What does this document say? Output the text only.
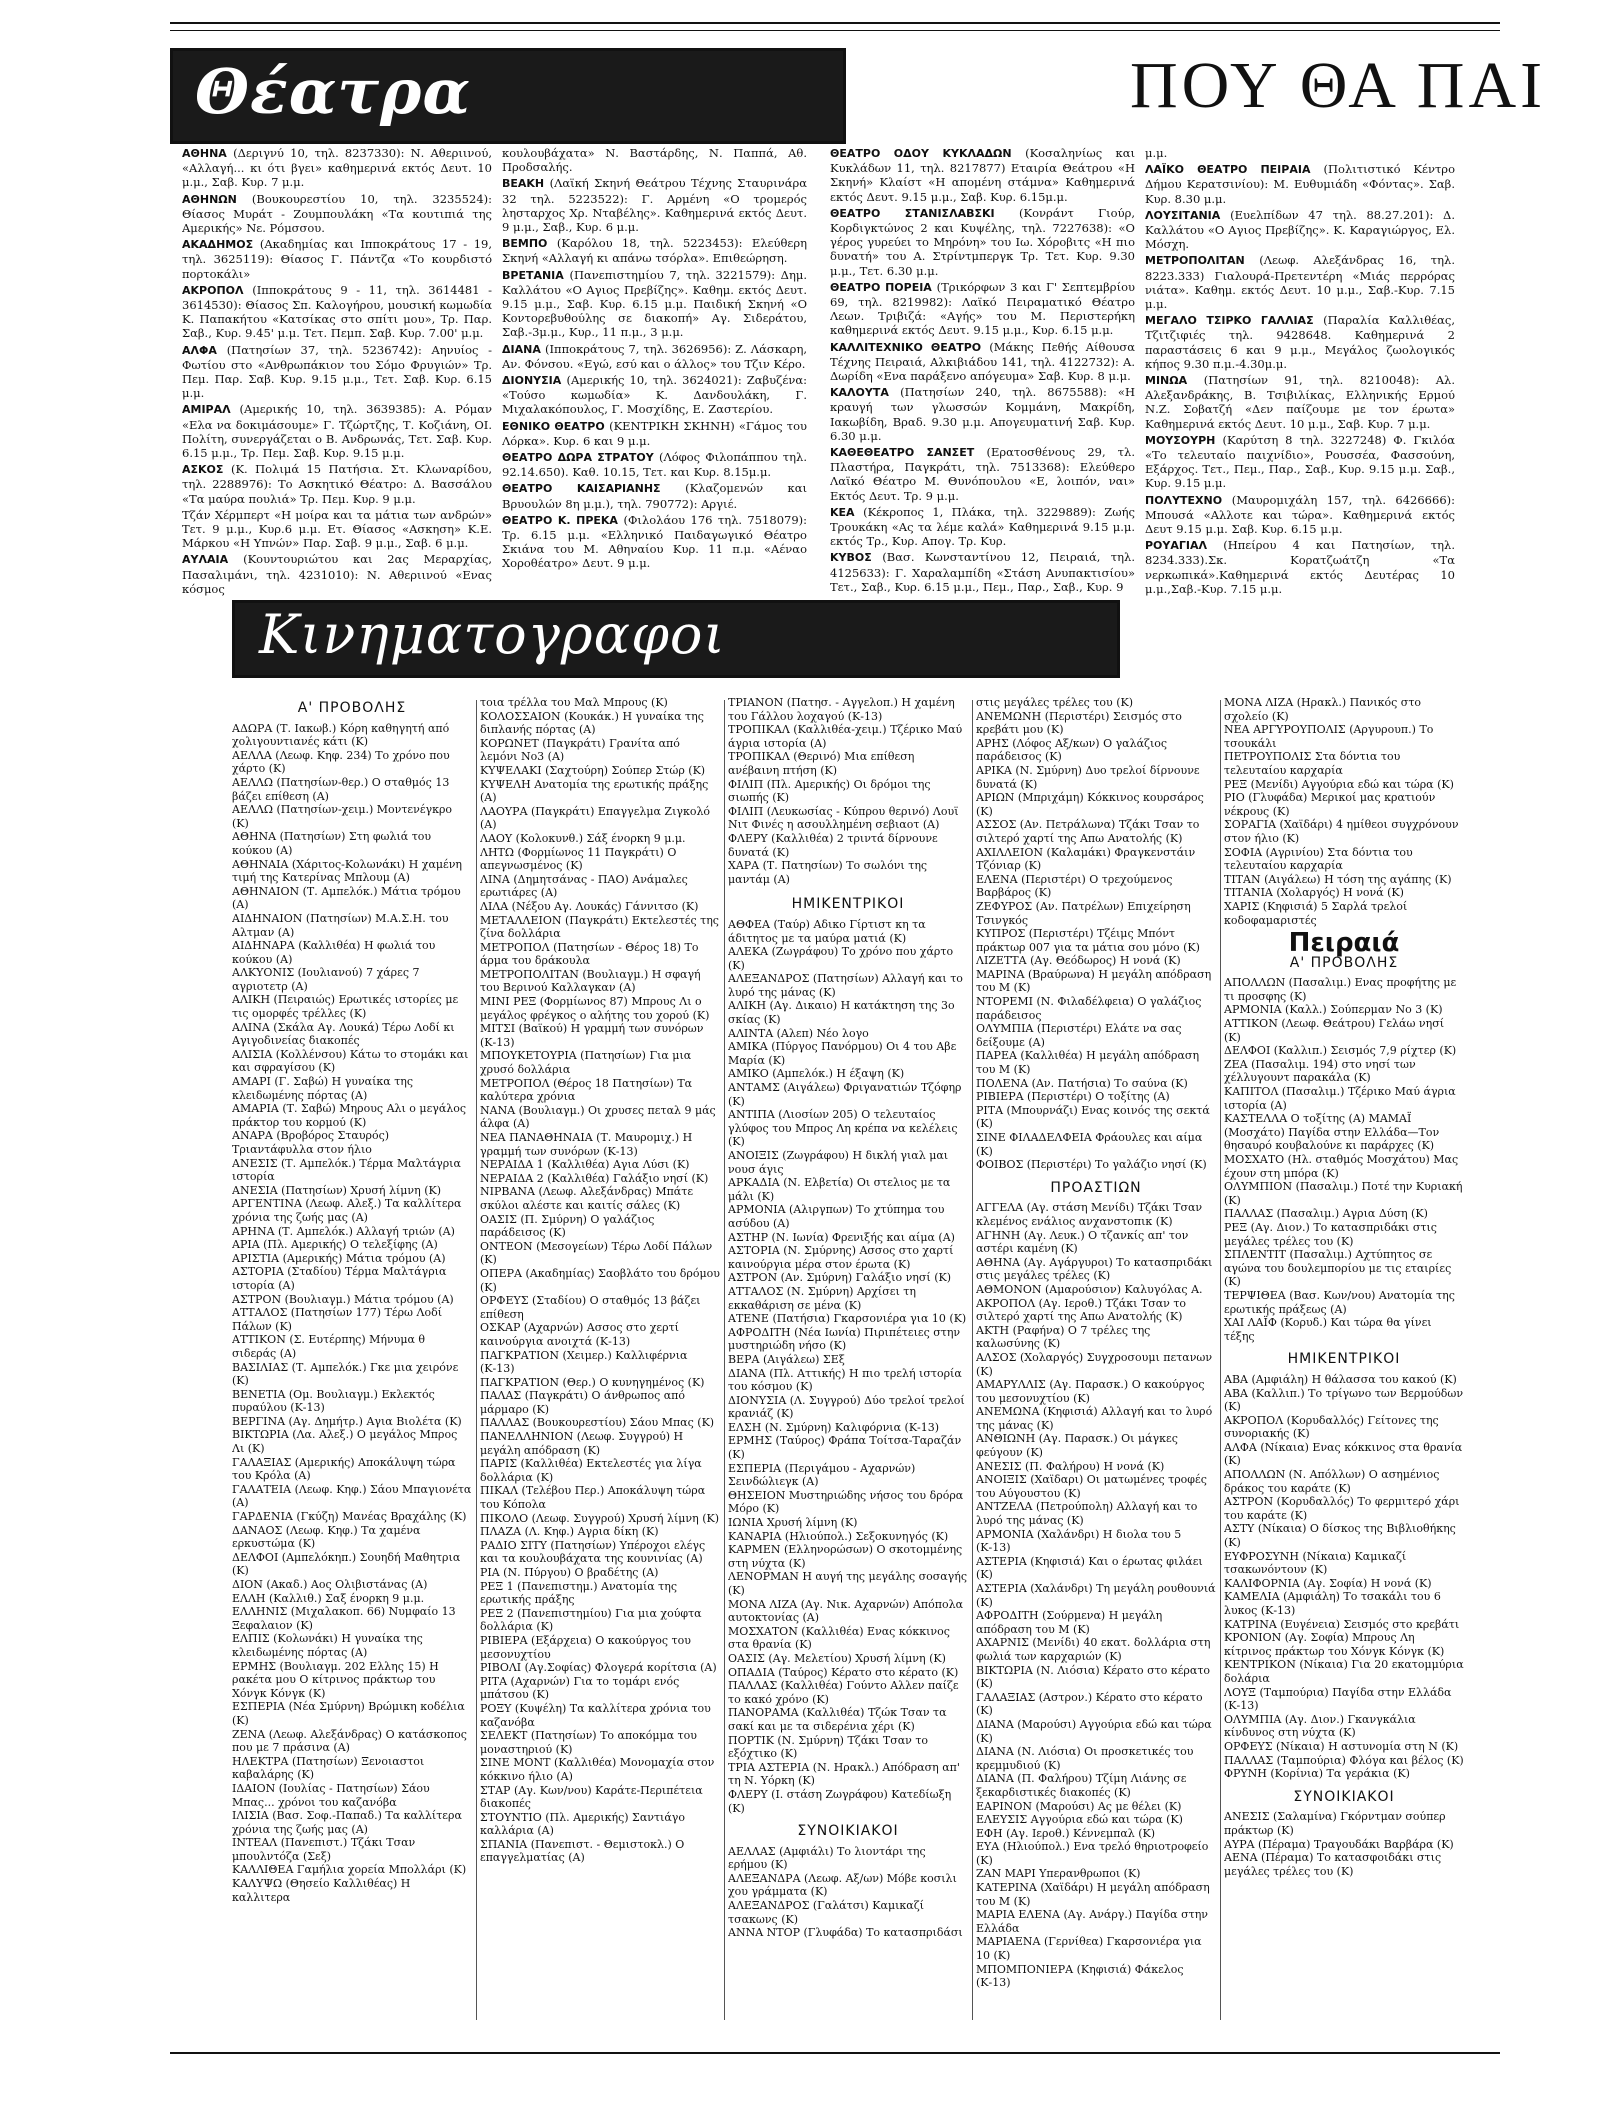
Θέατρα	ΠΟΥ ΘΑ ΠΑΙ

ΑΘΗΝΑ (Δεριγνύ 10, τηλ. 8237330): Ν. Αθεριινού, «Αλλαγή... κι ότι βγει» καθημερινά εκτός Δευτ. 10 μ.μ., Σαβ. Κυρ. 7 μ.μ.

ΑΘΗΝΩΝ (Βουκουρεστίου 10, τηλ. 3235524): Θίασος Μυράτ - Ζουμπουλάκη «Τα κουτιπιά της Αμερικής» Νε. Ρόμσσου.

ΑΚΑΔΗΜΟΣ (Ακαδημίας και Ιπποκράτους 17 - 19, τηλ. 3625119): Θίασος Γ. Πάντζα «Το κουρδιστό πορτοκάλι»

ΑΚΡΟΠΟΛ (Ιπποκράτους 9 - 11, τηλ. 3614481 - 3614530): Θίασος Σπ. Καλογήρου, μουσική κωμωδία Κ. Παπακήτου «Κατσίκας στο σπίτι μου», Τρ. Παρ. Σαβ., Κυρ. 9.45' μ.μ. Τετ. Πεμπ. Σαβ. Κυρ. 7.00' μ.μ.

ΑΛΦΑ (Πατησίων 37, τηλ. 5236742): Αηνυίος - Φωτίου στο «Ανθρωπάκιον του Σόμο Φρυγιών» Τρ. Πεμ. Παρ. Σαβ. Κυρ. 9.15 μ.μ., Τετ. Σαβ. Κυρ. 6.15 μ.μ.

ΑΜΙΡΑΛ (Αμερικής 10, τηλ. 3639385): Α. Ρόμαν «Ελα να δοκιμάσουμε» Γ. Τζώρτζης, Τ. Κοζιάνη, ΟΙ. Πολίτη, συνεργάζεται ο Β. Ανδρωνάς, Τετ. Σαβ. Κυρ. 6.15 μ.μ., Τρ. Πεμ. Σαβ. Κυρ. 9.15 μ.μ.

ΑΣΚΟΣ (Κ. Πολιμά 15 Πατήσια. Στ. Κλωναρίδου, τηλ. 2288976): Το Ασκητικό Θέατρο: Δ. Βασσάλου «Τα μαύρα πουλιά» Τρ. Πεμ. Κυρ. 9 μ.μ.

Τζάν Χέρμπερτ «Η μοίρα και τα μάτια των ανδρών» Τετ. 9 μ.μ., Κυρ.6 μ.μ. Ετ. Θίασος «Ασκηση» Κ.Ε. Μάρκου «Η Υπνών» Παρ. Σαβ. 9 μ.μ., Σαβ. 6 μ.μ.

ΑΥΛΑΙΑ (Κουντουριώτου και 2ας Μεραρχίας, Πασαλιμάνι, τηλ. 4231010): Ν. Αθεριινού «Ενας κόσμος

κουλουβάχατα» Ν. Βαστάρδης, Ν. Παππά, Αθ. Προδσαλής.

ΒΕΑΚΗ (Λαϊκή Σκηνή Θεάτρου Τέχνης Σταυρινάρα 32 τηλ. 5223522): Γ. Αρμένη «Ο τρομερός λησταρχος Χρ. Νταβέλης». Καθημερινά εκτός Δευτ. 9 μ.μ., Σαβ., Κυρ. 6 μ.μ.

ΒΕΜΠΟ (Καρόλου 18, τηλ. 5223453): Ελεύθερη Σκηνή «Αλλαγή κι απάνω τσόρλα». Επιθεώρηση.

ΒΡΕΤΑΝΙΑ (Πανεπιστημίου 7, τηλ. 3221579): Δημ. Καλλάτου «Ο Αγιος Πρεβίζης». Καθημ. εκτός Δευτ. 9.15 μ.μ., Σαβ. Κυρ. 6.15 μ.μ. Παιδική Σκηνή «Ο Κοντορεβυθούλης σε διακοπή» Αγ. Σιδεράτου, Σαβ.-3μ.μ., Κυρ., 11 π.μ., 3 μ.μ.

ΔΙΑΝΑ (Ιπποκράτους 7, τηλ. 3626956): Ζ. Λάσκαρη, Αν. Φόνσου. «Εγώ, εσύ και ο άλλος» του Τζιν Κέρο.

ΔΙΟΝΥΣΙΑ (Αμερικής 10, τηλ. 3624021): Ζαβυζένα: «Τούσο κωμωδία» Κ. Δανδουλάκη, Γ. Μιχαλακόπουλος, Γ. Μοσχίδης, Ε. Ζαστερίου.

ΕΘΝΙΚΟ ΘΕΑΤΡΟ (ΚΕΝΤΡΙΚΗ ΣΚΗΝΗ) «Γάμος του Λόρκα». Κυρ. 6 και 9 μ.μ.

ΘΕΑΤΡΟ ΔΩΡΑ ΣΤΡΑΤΟΥ (Λόφος Φιλοπάππου τηλ. 92.14.650). Καθ. 10.15, Τετ. και Κυρ. 8.15μ.μ.

ΘΕΑΤΡΟ ΚΑΙΣΑΡΙΑΝΗΣ (Κλαζομενών και Βρυουλών 8η μ.μ.), τηλ. 790772): Αργιέ.

ΘΕΑΤΡΟ Κ. ΠΡΕΚΑ (Φιλολάου 176 τηλ. 7518079): Τρ. 6.15 μ.μ. «Ελληνικό Παιδαγωγικό Θέατρο Σκιάνα του Μ. Αθηναίου Κυρ. 11 π.μ. «Αέναο Χοροθέατρο» Δευτ. 9 μ.μ.

ΘΕΑΤΡΟ ΟΔΟΥ ΚΥΚΛΑΔΩΝ (Κοσαληνίως και Κυκλάδων 11, τηλ. 8217877) Εταιρία Θεάτρου «Η Σκηνή» Κλαίστ «Η απομένη στάμνα» Καθημερινά εκτός Δευτ. 9.15 μ.μ., Σαβ. Κυρ. 6.15μ.μ.

ΘΕΑΤΡΟ ΣΤΑΝΙΣΛΑΒΣΚΙ (Κονράντ Γιούρ, Κορδιγκτώνος 2 και Κυψέλης, τηλ. 7227638): «Ο γέρος γυρεύει το Μηρόνη» του Ιω. Χόροβιτς «Η πιο δυνατή» του Α. Στρίντμπεργκ Τρ. Τετ. Κυρ. 9.30 μ.μ., Τετ. 6.30 μ.μ.

ΘΕΑΤΡΟ ΠΟΡΕΙΑ (Τρικόρφων 3 και Γ' Σεπτεμβρίου 69, τηλ. 8219982): Λαϊκό Πειραματικό Θέατρο Λεων. Τριβιζά: «Αγής» του Μ. Περιστερήκη καθημερινά εκτός Δευτ. 9.15 μ.μ., Κυρ. 6.15 μ.μ.

ΚΑΛΛΙΤΕΧΝΙΚΟ ΘΕΑΤΡΟ (Μάκης Πεθής Αίθουσα Τέχνης Πειραιά, Αλκιβιάδου 141, τηλ. 4122732): Α. Δωρίδη «Ενα παράξενο απόγευμα» Σαβ. Κυρ. 8 μ.μ.

ΚΑΛΟΥΤΑ (Πατησίων 240, τηλ. 8675588): «Η κραυγή των γλωσσών Κομμάνη, Μακρίδη, Ιακωβίδη, Βραδ. 9.30 μ.μ. Απογευματινή Σαβ. Κυρ. 6.30 μ.μ.

ΚΑΘΕΘΕΑΤΡΟ ΣΑΝΣΕΤ (Ερατοσθένους 29, τλ. Πλαστήρα, Παγκράτι, τηλ. 7513368): Ελεύθερο Λαϊκό Θέατρο Μ. Θυνόπουλου «Ε, λοιπόν, ναι» Εκτός Δευτ. Τρ. 9 μ.μ.

ΚΕΑ (Κέκροπος 1, Πλάκα, τηλ. 3229889): Ζωής Τρουκάκη «Ας τα λέμε καλά» Καθημερινά 9.15 μ.μ. εκτός Τρ., Κυρ. Απογ. Τρ. Κυρ.

ΚΥΒΟΣ (Βασ. Κωνσταντίνου 12, Πειραιά, τηλ. 4125633): Γ. Χαραλαμπίδη «Στάση Ανυπακτισίου» Τετ., Σαβ., Κυρ. 6.15 μ.μ., Πεμ., Παρ., Σαβ., Κυρ. 9

μ.μ.

ΛΑΪΚΟ ΘΕΑΤΡΟ ΠΕΙΡΑΙΑ (Πολιτιστικό Κέντρο Δήμου Κερατσινίου): Μ. Ευθυμιάδη «Φόντας». Σαβ. Κυρ. 8.30 μ.μ.

ΛΟΥΣΙΤΑΝΙΑ (Ευελπίδων 47 τηλ. 88.27.201): Δ. Καλλάτου «Ο Αγιος Πρεβίζης». Κ. Καραγιώργος, Ελ. Μόσχη.

ΜΕΤΡΟΠΟΛΙΤΑΝ (Λεωφ. Αλεξάνδρας 16, τηλ. 8223.333) Γιαλουρά-Πρετεντέρη «Μιάς περρόρας νιάτα». Καθημ. εκτός Δευτ. 10 μ.μ., Σαβ.-Κυρ. 7.15 μ.μ.

ΜΕΓΑΛΟ ΤΣΙΡΚΟ ΓΑΛΛΙΑΣ (Παραλία Καλλιθέας, Τζιτζιφιές τηλ. 9428648. Καθημερινά 2 παραστάσεις 6 και 9 μ.μ., Μεγάλος ζωολογικός κήπος 9.30 π.μ.-4.30μ.μ.

ΜΙΝΩΑ (Πατησίων 91, τηλ. 8210048): Αλ. Αλεξανδράκης, Β. Τσιβιλίκας, Ελληνικής Ερμού Ν.Ζ. Σοβατζή «Δεν παίζουμε με τον έρωτα» Καθημερινά εκτός Δευτ. 10 μ.μ., Σαβ. Κυρ. 7 μ.μ.

ΜΟΥΣΟΥΡΗ (Καρύτση 8 τηλ. 3227248) Φ. Γκιλόα «Το τελευταίο παιχνίδιο», Ρουσσέα, Φασσούνη, Εξάρχος. Τετ., Πεμ., Παρ., Σαβ., Κυρ. 9.15 μ.μ. Σαβ., Κυρ. 9.15 μ.μ.

ΠΟΛΥΤΕΧΝΟ (Μαυρομιχάλη 157, τηλ. 6426666): Μπουσά «Αλλοτε και τώρα». Καθημερινά εκτός Δευτ 9.15 μ.μ. Σαβ. Κυρ. 6.15 μ.μ.

ΡΟΥΑΓΙΑΛ (Ηπείρου 4 και Πατησίων, τηλ. 8234.333).Σκ. Κορατζωάτζη «Τα νερκωπικά».Καθημερινά εκτός Δευτέρας 10 μ.μ.,Σαβ.-Κυρ. 7.15 μ.μ.

Κινηματογραφοι
Α' ΠΡΟΒΟΛΗΣ
ΑΔΩΡΑ (Τ. Ιακωβ.) Κόρη καθηγητή από χολιγουντιανές κάτι (Κ)
ΑΕΛΛΑ (Λεωφ. Κηφ. 234) Το χρόνο που χάρτο (Κ)
ΑΕΛΛΩ (Πατησίων-θερ.) Ο σταθμός 13 βάζει επίθεση (Α)
ΑΕΛΛΩ (Πατησίων-χειμ.) Μοντενέγκρο (Κ)
ΑΘΗΝΑ (Πατησίων) Στη φωλιά του κούκου (Α)
ΑΘΗΝΑΙΑ (Χάριτος-Κολωνάκι) Η χαμένη τιμή της Κατερίνας Μπλουμ (Α)
ΑΘΗΝΑΙΟΝ (Τ. Αμπελόκ.) Μάτια τρόμου (Α)
ΑΙΔΗΝΑΙΟΝ (Πατησίων) Μ.Α.Σ.Η. του Αλτμαν (Α)
ΑΙΔΗΝΑΡΑ (Καλλιθέα) Η φωλιά του κούκου (Α)
ΑΛΚΥΟΝΙΣ (Ιουλιανού) 7 χάρες 7 αγριοτετρ (Α)
ΑΛΙΚΗ (Πειραιώς) Ερωτικές ιστορίες με τις ομορφές τρέλλες (Κ)
ΑΛΙΝΑ (Σκάλα Αγ. Λουκά) Τέρω Λοδί κι Αγιγοδινείας διακοπές
ΑΛΙΣΙΑ (Κολλένσου) Κάτω το στομάκι και και σφραγίσου (Κ)
ΑΜΑΡΙ (Γ. Σαβώ) Η γυναίκα της κλειδωμένης πόρτας (Α)
ΑΜΑΡΙΑ (Τ. Σαβώ) Μηρους Αλι ο μεγάλος πράκτορ του κορμού (Κ)
ΑΝΑΡΑ (Βροβόρος Σταυρός) Τριαντάφυλλα στον ήλιο
ΑΝΕΣΙΣ (Τ. Αμπελόκ.) Τέρμα Μαλτάγρια ιστορία
ΑΝΕΣΙΑ (Πατησίων) Χρυσή λίμνη (Κ)
ΑΡΓΕΝΤΙΝΑ (Λεωφ. Αλεξ.) Τα καλλίτερα χρόνια της ζωής μας (Α)
ΑΡΗΝΑ (Τ. Αμπελόκ.) Αλλαγή τριών (Α)
ΑΡΙΑ (Πλ. Αμερικής) Ο τελεξίφης (Α)
ΑΡΙΣΤΙΑ (Αμερικής) Μάτια τρόμου (Α)
ΑΣΤΟΡΙΑ (Σταδίου) Τέρμα Μαλτάγρια ιστορία (Α)
ΑΣΤΡΟΝ (Βουλιαγμ.) Μάτια τρόμου (Α)
ΑΤΤΑΛΟΣ (Πατησίων 177) Τέρω Λοδί Πάλων (Κ)
ΑΤΤΙΚΟΝ (Σ. Ευτέρπης) Μήνυμα θ σιδεράς (Α)
ΒΑΣΙΛΙΑΣ (Τ. Αμπελόκ.) Γκε μια χειρόνε (Κ)
ΒΕΝΕΤΙΑ (Ομ. Βουλιαγμ.) Εκλεκτός πυραύλου (Κ-13)
ΒΕΡΓΙΝΑ (Αγ. Δημήτρ.) Αγια Βιολέτα (Κ)
ΒΙΚΤΩΡΙΑ (Λα. Αλεξ.) Ο μεγάλος Μπρος Λι (Κ)
ΓΑΛΑΞΙΑΣ (Αμερικής) Αποκάλυψη τώρα του Κρόλα (Α)
ΓΑΛΑΤΕΙΑ (Λεωφ. Κηφ.) Σάου Μπαγιονέτα (Α)
ΓΑΡΔΕΝΙΑ (Γκύζη) Μανέας Βραχάλης (Κ)
ΔΑΝΑΟΣ (Λεωφ. Κηφ.) Τα χαμένα ερκυστώμα (Κ)
ΔΕΛΦΟΙ (Αμπελόκηπ.) Σουηδή Μαθητρια (Κ)
ΔΙΟΝ (Ακαδ.) Αος Ολιβιστάνας (Α)
ΕΛΛΗ (Καλλιθ.) Σαξ ένορκη 9 μ.μ.
ΕΛΛΗΝΙΣ (Μιχαλακοπ. 66) Νυμφαίο 13 Ξεφαλαιον (Κ)
ΕΛΠΙΣ (Κολωνάκι) Η γυναίκα της κλειδωμένης πόρτας (Α)
ΕΡΜΗΣ (Βουλιαγμ. 202 Ελλης 15) Η ρακέτα μου Ο κίτρινος πράκτωρ του Χόνγκ Κόνγκ (Κ)
ΕΣΠΕΡΙΑ (Νέα Σμύρνη) Βρώμικη κοδέλια (Κ)
ΖΕΝΑ (Λεωφ. Αλεξάνδρας) Ο κατάσκοπος που με 7 πράσινα (Α)
ΗΛΕΚΤΡΑ (Πατησίων) Ξενοιαστοι καβαλάρης (Κ)
ΙΔΑΙΟΝ (Ιουλίας - Πατησίων) Σάου Μπας... χρόνοι του καζανόβα
ΙΛΙΣΙΑ (Βασ. Σοφ.-Παπαδ.) Τα καλλίτερα χρόνια της ζωής μας (Α)
ΙΝΤΕΑΛ (Πανεπιστ.) Τζάκι Τσαν μπουλντόζα (Σεξ)
ΚΑΛΛΙΘΕΑ Γαμήλια χορεία Μπολλάρι (Κ)
ΚΑΛΥΨΩ (Θησείο Καλλιθέας) Η καλλιτερα
τοια τρέλλα του Μαλ Μπρους (Κ)
ΚΟΛΟΣΣΑΙΟΝ (Κουκάκ.) Η γυναίκα της διπλανής πόρτας (Α)
ΚΟΡΩΝΕΤ (Παγκράτι) Γρανίτα από λεμόνι Νο3 (Α)
ΚΥΨΕΛΑΚΙ (Σαχτούρη) Σούπερ Στώρ (Κ)
ΚΥΨΕΛΗ Ανατομία της ερωτικής πράξης (Α)
ΛΑΟΥΡΑ (Παγκράτι) Επαγγελμα Ζιγκολό (Α)
ΛΑΟΥ (Κολοκυνθ.) Σάξ ένορκη 9 μ.μ.
ΛΗΤΩ (Φορμίωνος 11 Παγκράτι) Ο απεγνωσμένος (Κ)
ΛΙΝΑ (Δημητσάνας - ΠΑΟ) Ανάμαλες ερωτιάρες (Α)
ΛΙΛΑ (Νέξου Αγ. Λουκάς) Γάννιτσο (Κ)
ΜΕΤΑΛΛΕΙΟΝ (Παγκράτι) Εκτελεστές της ζίνα δολλάρια
ΜΕΤΡΟΠΟΛ (Πατησίων - Θέρος 18) Το άρμα του δράκουλα
ΜΕΤΡΟΠΟΛΙΤΑΝ (Βουλιαγμ.) Η σφαγή του Βερινού Καλλαγκαν (Α)
ΜΙΝΙ ΡΕΞ (Φορμίωνος 87) Μπρους Λι ο μεγάλος φρέγκος ο αλήτης του χορού (Κ)
ΜΙΤΣΙ (Βαϊκού) Η γραμμή των συνόρων (Κ-13)
ΜΠΟΥΚΕΤΟΥΡΙΑ (Πατησίων) Για μια χρυσό δολλάρια
ΜΕΤΡΟΠΟΛ (Θέρος 18 Πατησίων) Τα καλύτερα χρόνια
ΝΑΝΑ (Βουλιαγμ.) Οι χρυσες πεταλ 9 μάς άλφα (Α)
ΝΕΑ ΠΑΝΑΘΗΝΑΙΑ (Τ. Μαυρομιχ.) Η γραμμή των συνόρων (Κ-13)
ΝΕΡΑΙΔΑ 1 (Καλλιθέα) Αγια Λύσι (Κ)
ΝΕΡΑΙΔΑ 2 (Καλλιθέα) Γαλάξιο νησί (Κ)
ΝΙΡΒΑΝΑ (Λεωφ. Αλεξάνδρας) Μπάτε σκύλοι αλέστε και καιτίς σάλες (Κ)
ΟΑΣΙΣ (Π. Σμύρνη) Ο γαλάζιος παράδεισος (Κ)
ΟΝΤΕΟΝ (Μεσογείων) Τέρω Λοδί Πάλων (Κ)
ΟΠΕΡΑ (Ακαδημίας) Σαοβλάτο του δρόμου (Κ)
ΟΡΦΕΥΣ (Σταδίου) Ο σταθμός 13 βάζει επίθεση
ΟΣΚΑΡ (Αχαρνών) Ασσος στο χερτί καινούργια ανοιχτά (Κ-13)
ΠΑΓΚΡΑΤΙΟΝ (Χειμερ.) Καλλιφέρνια (Κ-13)
ΠΑΓΚΡΑΤΙΟΝ (Θερ.) Ο κυνηγημένος (Κ)
ΠΑΛΑΣ (Παγκράτι) Ο άνθρωπος από μάρμαρο (Κ)
ΠΑΛΛΑΣ (Βουκουρεστίου) Σάου Μπας (Κ)
ΠΑΝΕΛΛΗΝΙΟΝ (Λεωφ. Συγγρού) Η μεγάλη απόδραση (Κ)
ΠΑΡΙΣ (Καλλιθέα) Εκτελεστές για λίγα δολλάρια (Κ)
ΠΙΚΑΛ (Τελέβου Περ.) Αποκάλυψη τώρα του Κόπολα
ΠΙΚΟΛΟ (Λεωφ. Συγγρού) Χρυσή λίμνη (Κ)
ΠΛΑΖΑ (Λ. Κηφ.) Αγρια δίκη (Κ)
ΡΑΔΙΟ ΣΙΤΥ (Πατησίων) Υπέροχοι ελέγς και τα κουλουβάχατα της κουνινίας (Α)
ΡΙΑ (Ν. Πύργου) Ο βραδέτης (Α)
ΡΕΞ 1 (Πανεπιστημ.) Ανατομία της ερωτικής πράξης
ΡΕΞ 2 (Πανεπιστημίου) Για μια χούφτα δολλάρια (Κ)
ΡΙΒΙΕΡΑ (Εξάρχεια) Ο κακούργος του μεσονυχτίου
ΡΙΒΟΛΙ (Αγ.Σοφίας) Φλογερά κορίτσια (Α)
ΡΙΤΑ (Αχαρνών) Για το τομάρι ενός μπάτσου (Κ)
ΡΟΞΥ (Κυψέλη) Τα καλλίτερα χρόνια του καζανόβα
ΣΕΛΕΚΤ (Πατησίων) Το αποκόμμα του μοναστηριού (Κ)
ΣΙΝΕ ΜΟΝΤ (Καλλιθέα) Μονομαχία στον κόκκινο ήλιο (Α)
ΣΤΑΡ (Αγ. Κων/νου) Καράτε-Περιπέτεια διακοπές
ΣΤΟΥΝΤΙΟ (Πλ. Αμερικής) Σαντιάγο καλλάρια (Α)
ΣΠΑΝΙΑ (Πανεπιστ. - Θεμιστοκλ.) Ο επαγγελματίας (Α)
ΤΡΙΑΝΟΝ (Πατησ. - Αγγελοπ.) Η χαμένη του Γάλλου λοχαγού (Κ-13)
ΤΡΟΠΙΚΑΛ (Καλλιθέα-χειμ.) Τζέρικο Μαύ άγρια ιστορία (Α)
ΤΡΟΠΙΚΑΛ (Θερινό) Μια επίθεση ανέβαινη πτήση (Κ)
ΦΙΛΙΠ (Πλ. Αμερικής) Οι δρόμοι της σιωπής (Κ)
ΦΙΛΙΠ (Λευκωσίας - Κύπρου θερινό) Λουϊ Νιτ Φινές η ασουλλημένη σεβιαοτ (Α)
ΦΛΕΡΥ (Καλλιθέα) 2 τριντά δίρνουνε δυνατά (Κ)
ΧΑΡΑ (Τ. Πατησίων) Το σωλόνι της μαντάμ (Α)
ΗΜΙΚΕΝΤΡΙΚΟΙ
ΑΘΦΕΑ (Ταύρ) Αδικο Γίρτιστ κη τα άδιτητος με τα μαύρα ματιά (Κ)
ΑΛΕΚΑ (Ζωγράφου) Το χρόνο που χάρτο (Κ)
ΑΛΕΞΑΝΔΡΟΣ (Πατησίων) Αλλαγή και το λυρό της μάνας (Κ)
ΑΛΙΚΗ (Αγ. Δικαιο) Η κατάκτηση της 3ο σκίας (Κ)
ΑΛΙΝΤΑ (Αλεπ) Νέο λογο
ΑΜΙΚΑ (Πύργος Πανόρμου) Οι 4 του Αβε Μαρία (Κ)
ΑΜΙΚΟ (Αμπελόκ.) Η έξαψη (Κ)
ΑΝΤΑΜΣ (Αιγάλεω) Φριγανατιών Τζόφηρ (Κ)
ΑΝΤΙΠΑ (Λιοσίων 205) Ο τελευταίος γλύφος του Μπρος Λη κρέπα να κελέλεις (Κ)
ΑΝΟΙΞΙΣ (Ζωγράφου) Η δικλή γιαλ μαι νουσ άγις
ΑΡΚΑΔΙΑ (Ν. Ελβετία) Οι στελιος με τα μάλι (Κ)
ΑΡΜΟΝΙΑ (Αλιργπων) Το χτύπημα του ασύδου (Α)
ΑΣΤΗΡ (Ν. Ιωνία) Φρενιξής και αίμα (Α)
ΑΣΤΟΡΙΑ (Ν. Σμύρνης) Ασσος στο χαρτί καινούργια μέρα στον έρωτα (Κ)
ΑΣΤΡΟΝ (Αν. Σμύρνη) Γαλάξιο νησί (Κ)
ΑΤΤΑΛΟΣ (Ν. Σμύρνη) Αρχίσει τη εκκαθάριση σε μένα (Κ)
ΑΤΕΝΕ (Πατήσια) Γκαρσονιέρα για 10 (Κ)
ΑΦΡΟΔΙΤΗ (Νέα Ιωνία) Πιριπέτειες στην μυστηριώδη νήσο (Κ)
ΒΕΡΑ (Αιγάλεω) ΣΕξ
ΔΙΑΝΑ (Πλ. Αττικής) Η πιο τρελή ιστορία του κόσμου (Κ)
ΔΙΟΝΥΣΙΑ (Λ. Συγγρού) Δύο τρελοί τρελοί κρανιάζ (Κ)
ΕΛΣΗ (Ν. Σμύρνη) Καλιφόρνια (Κ-13)
ΕΡΜΗΣ (Ταύρος) Φράπα Τοίτσα-Ταραζάν (Κ)
ΕΣΠΕΡΙΑ (Περιγάμου - Αχαρνών) Σεινδώλιεγκ (Α)
ΘΗΣΕΙΟΝ Μυστηριώδης νήσος του δρόρα Μόρο (Κ)
ΙΩΝΙΑ Χρυσή λίμνη (Κ)
ΚΑΝΑΡΙΑ (Ηλιούπολ.) Σεξοκυνηγός (Κ)
ΚΑΡΜΕΝ (Ελληνορώσων) Ο σκοτομμένης στη νύχτα (Κ)
ΛΕΝΟΡΜΑΝ Η αυγή της μεγάλης σοσαγής (Κ)
ΜΟΝΑ ΛΙΖΑ (Αγ. Νικ. Αχαρνών) Απόπολα αυτοκτονίας (Α)
ΜΟΣΧΑΤΟΝ (Καλλιθέα) Ενας κόκκινος στα θρανία (Κ)
ΟΑΣΙΣ (Αγ. Μελετίου) Χρυσή λίμνη (Κ)
ΟΠΑΔΙΑ (Ταύρος) Κέρατο στο κέρατο (Κ)
ΠΑΛΛΑΣ (Καλλιθέα) Γούντο Αλλεν παίζε το κακό χρόνο (Κ)
ΠΑΝΟΡΑΜΑ (Καλλιθέα) Τζώκ Τσαν τα σακί και με τα σιδερένια χέρι (Κ)
ΠΟΡΤΙΚ (Ν. Σμύρνη) Τζάκι Τσαν το εξόχτικο (Κ)
ΤΡΙΑ ΑΣΤΕΡΙΑ (Ν. Ηρακλ.) Απόδραση απ' τη Ν. Υόρκη (Κ)
ΦΛΕΡΥ (Ι. στάση Ζωγράφου) Κατεδίωξη (Κ)
ΣΥΝΟΙΚΙΑΚΟΙ
ΑΕΛΛΑΣ (Αμφιάλι) Το λιοντάρι της ερήμου (Κ)
ΑΛΕΞΑΝΔΡΑ (Λεωφ. Αξ/ων) Μόβε κοσιλι χου γράμματα (Κ)
ΑΛΕΞΑΝΔΡΟΣ (Γαλάτσι) Καμικαζί τσακωνς (Κ)
ΑΝΝΑ ΝΤΟΡ (Γλυφάδα) Το κατασπριδάσι
στις μεγάλες τρέλες του (Κ)
ΑΝΕΜΩΝΗ (Περιστέρι) Σεισμός στο κρεβάτι μου (Κ)
ΑΡΗΣ (Λόφος Αξ/κων) Ο γαλάζιος παράδεισος (Κ)
ΑΡΙΚΑ (Ν. Σμύρνη) Δυο τρελοί δίρνουνε δυνατά (Κ)
ΑΡΙΩΝ (Μπριχάμη) Κόκκινος κουρσάρος (Κ)
ΑΣΣΟΣ (Αν. Πετράλωνα) Τζάκι Τσαν το σιλτερό χαρτί της Απω Ανατολής (Κ)
ΑΧΙΛΛΕΙΟΝ (Καλαμάκι) Φραγκενστάιν Τζόνιαρ (Κ)
ΕΛΕΝΑ (Περιστέρι) Ο τρεχούμενος Βαρβάρος (Κ)
ΖΕΦΥΡΟΣ (Αν. Πατρέλων) Επιχείρηση Τσινγκός
ΚΥΠΡΟΣ (Περιστέρι) Τζέιμς Μπόντ πράκτωρ 007 για τα μάτια σου μόνο (Κ)
ΛΙΖΕΤΤΑ (Αγ. Θεόδωρος) Η νονά (Κ)
ΜΑΡΙΝΑ (Βραύρωνα) Η μεγάλη απόδραση του Μ (Κ)
ΝΤΟΡΕΜΙ (Ν. Φιλαδέλφεια) Ο γαλάζιος παράδεισος
ΟΛΥΜΠΙΑ (Περιστέρι) Ελάτε να σας δείξουμε (Α)
ΠΑΡΕΑ (Καλλιθέα) Η μεγάλη απόδραση του Μ (Κ)
ΠΟΛΕΝΑ (Αν. Πατήσια) Το σαύνα (Κ)
ΡΙΒΙΕΡΑ (Περιστέρι) Ο τοξίτης (Α)
ΡΙΤΑ (Μπουρνάζι) Ενας κοινός της σεκτά (Κ)
ΣΙΝΕ ΦΙΛΑΔΕΛΦΕΙΑ Φράουλες και αίμα (Κ)
ΦΟΙΒΟΣ (Περιστέρι) Το γαλάζιο νησί (Κ)
ΠΡΟΑΣΤΙΩΝ
ΑΓΓΕΛΑ (Αγ. στάση Μενίδι) Τζάκι Τσαν κλεμένος ενάλιος ανχανστοπικ (Κ)
ΑΓΗΝΗ (Αγ. Λευκ.) Ο τζανκίς απ' τον αστέρι καμένη (Κ)
ΑΘΗΝΑ (Αγ. Αγάργυροι) Το κατασπριδάκι στις μεγάλες τρέλες (Κ)
ΑΘΜΟΝΟΝ (Αμαρούσιον) Καλυγόλας Α.
ΑΚΡΟΠΟΛ (Αγ. Ιεροθ.) Τζάκι Τσαν το σιλτερό χαρτί της Απω Ανατολής (Κ)
ΑΚΤΗ (Ραφήνα) Ο 7 τρέλες της καλωσύνης (Κ)
ΑΛΣΟΣ (Χολαργός) Συγχροσουμι πετανων (Κ)
ΑΜΑΡΥΛΛΙΣ (Αγ. Παρασκ.) Ο κακούργος του μεσονυχτίου (Κ)
ΑΝΕΜΩΝΑ (Κηφισιά) Αλλαγή και το λυρό της μάνας (Κ)
ΑΝΘΙΩΝΗ (Αγ. Παρασκ.) Οι μάγκες φεύγουν (Κ)
ΑΝΕΣΙΣ (Π. Φαλήρου) Η νονά (Κ)
ΑΝΟΙΞΙΣ (Χαϊδαρι) Οι ματωμένες τροφές του Αύγουστου (Κ)
ΑΝΤΖΕΛΑ (Πετρούπολη) Αλλαγή και το λυρό της μάνας (Κ)
ΑΡΜΟΝΙΑ (Χαλάνδρι) Η διολα του 5 (Κ-13)
ΑΣΤΕΡΙΑ (Κηφισιά) Και ο έρωτας φιλάει (Κ)
ΑΣΤΕΡΙΑ (Χαλάνδρι) Τη μεγάλη ρουθουνιά (Κ)
ΑΦΡΟΔΙΤΗ (Σούρμενα) Η μεγάλη απόδραση του Μ (Κ)
ΑΧΑΡΝΙΣ (Μενίδι) 40 εκατ. δολλάρια στη φωλιά των καρχαριών (Κ)
ΒΙΚΤΩΡΙΑ (Ν. Λιόσια) Κέρατο στο κέρατο (Κ)
ΓΑΛΑΞΙΑΣ (Αστρον.) Κέρατο στο κέρατο (Κ)
ΔΙΑΝΑ (Μαρούσι) Αγγούρια εδώ και τώρα (Κ)
ΔΙΑΝΑ (Ν. Λιόσια) Οι προσκετικές του κρεμμυδιού (Κ)
ΔΙΑΝΑ (Π. Φαλήρου) Τζίμη Λιάνης σε ξεκαρδιστικές διακοπές (Κ)
ΕΑΡΙΝΟΝ (Μαρούσι) Ας με θέλει (Κ)
ΕΛΕΥΣΙΣ Αγγούρια εδώ και τώρα (Κ)
ΕΦΗ (Αγ. Ιεροθ.) Κέννεμπαλ (Κ)
ΕΥΑ (Ηλιούπολ.) Ενα τρελό θηριοτροφείο (Κ)
ΖΑΝ ΜΑΡΙ Υπερανθρωποι (Κ)
ΚΑΤΕΡΙΝΑ (Χαϊδάρι) Η μεγάλη απόδραση του Μ (Κ)
ΜΑΡΙΑ ΕΛΕΝΑ (Αγ. Ανάργ.) Παγίδα στην Ελλάδα
ΜΑΡΙΑΕΝΑ (Γερνίθεα) Γκαρσονιέρα για 10 (Κ)
ΜΠΟΜΠΟΝΙΕΡΑ (Κηφισιά) Φάκελος (Κ-13)
ΜΟΝΑ ΛΙΖΑ (Ηρακλ.) Πανικός στο σχολείο (Κ)
ΝΕΑ ΑΡΓΥΡΟΥΠΟΛΙΣ (Αργυρουπ.) Το τσουκάλι
ΠΕΤΡΟΥΠΟΛΙΣ Στα δόντια του τελευταίου καρχαρία
ΡΕΞ (Μενίδι) Αγγούρια εδώ και τώρα (Κ)
ΡΙΟ (Γλυφάδα) Μερικοί μας κρατιούν νέκρους (Κ)
ΣΟΡΑΓΙΑ (Χαϊδάρι) 4 ημίθεοι συγχρόνουν στον ήλιο (Κ)
ΣΟΦΙΑ (Αγρινίου) Στα δόντια του τελευταίου καρχαρία
ΤΙΤΑΝ (Αιγάλεω) Η τόση της αγάπης (Κ)
ΤΙΤΑΝΙΑ (Χολαργός) Η νονά (Κ)
ΧΑΡΙΣ (Κηφισιά) 5 Σαρλά τρελοί κοδοφαμαριστές
Πειραιά
Α' ΠΡΟΒΟΛΗΣ
ΑΠΟΛΛΩΝ (Πασαλιμ.) Ενας προφήτης με τι προσφης (Κ)
ΑΡΜΟΝΙΑ (Καλλ.) Σούπερμαν Νο 3 (Κ)
ΑΤΤΙΚΟΝ (Λεωφ. Θεάτρου) Γελάω νησί (Κ)
ΔΕΛΦΟΙ (Καλλιπ.) Σεισμός 7,9 ρίχτερ (Κ)
ΖΕΑ (Πασαλιμ. 194) στο νησί των χέλλυγουντ παρακάλα (Κ)
ΚΑΠΙΤΟΛ (Πασαλιμ.) Τζέρικο Μαύ άγρια ιστορία (Α)
ΚΑΣΤΕΛΛΑ Ο τοξίτης (Α) ΜΑΜΑΪ (Μοσχάτο) Παγίδα στην Ελλάδα—Τον θησαυρό κουβαλούνε κι παράρχες (Κ)
ΜΟΣΧΑΤΟ (Ηλ. σταθμός Μοσχάτου) Μας έχουν στη μπόρα (Κ)
ΟΛΥΜΠΙΟΝ (Πασαλιμ.) Ποτέ την Κυριακή (Κ)
ΠΑΛΛΑΣ (Πασαλιμ.) Αγρια Δύση (Κ)
ΡΕΞ (Αγ. Διον.) Το κατασπριδάκι στις μεγάλες τρέλες του (Κ)
ΣΠΛΕΝΤΙΤ (Πασαλιμ.) Αχτύπητος σε αγώνα του δουλεμπορίου με τις εταιρίες (Κ)
ΤΕΡΨΙΘΕΑ (Βασ. Κων/νου) Ανατομία της ερωτικής πράξεως (Α)
ΧΑΙ ΛΑΪΦ (Κορυδ.) Και τώρα θα γίνει τέξης
ΗΜΙΚΕΝΤΡΙΚΟΙ
ΑΒΑ (Αμφιάλη) Η θάλασσα του κακού (Κ)
ΑΒΑ (Καλλιπ.) Το τρίγωνο των Βερμούδων (Κ)
ΑΚΡΟΠΟΛ (Κορυδαλλός) Γείτονες της συνοριακής (Κ)
ΑΛΦΑ (Νίκαια) Ενας κόκκινος στα θρανία (Κ)
ΑΠΟΛΛΩΝ (Ν. Απόλλων) Ο ασημένιος δράκος του καράτε (Κ)
ΑΣΤΡΟΝ (Κορυδαλλός) Το φερμιτερό χάρι του καράτε (Κ)
ΑΣΤΥ (Νίκαια) Ο δίσκος της Βιβλιοθήκης (Κ)
ΕΥΦΡΟΣΥΝΗ (Νίκαια) Καμικαζί τσακωνόντουν (Κ)
ΚΑΛΙΦΟΡΝΙΑ (Αγ. Σοφία) Η νονά (Κ)
ΚΑΜΕΛΙΑ (Αμφιάλη) Το τσακάλι του 6 λυκος (Κ-13)
ΚΑΤΡΙΝΑ (Ευγένεια) Σεισμός στο κρεβάτι
ΚΡΟΝΙΟΝ (Αγ. Σοφία) Μπρους Λη κίτρινος πράκτωρ του Χόνγκ Κόνγκ (Κ)
ΚΕΝΤΡΙΚΟΝ (Νίκαια) Για 20 εκατομμύρια δολάρια
ΛΟΥΞ (Ταμπούρια) Παγίδα στην Ελλάδα (Κ-13)
ΟΛΥΜΠΙΑ (Αγ. Διον.) Γκανγκάλια κίνδυνος στη νύχτα (Κ)
ΟΡΦΕΥΣ (Νίκαια) Η αστυνομία στη Ν (Κ)
ΠΑΛΛΑΣ (Ταμπούρια) Φλόγα και βέλος (Κ)
ΦΡΥΝΗ (Κορίνια) Τα γεράκια (Κ)
ΣΥΝΟΙΚΙΑΚΟΙ
ΑΝΕΣΙΣ (Σαλαμίνα) Γκόρντμαν σούπερ πράκτωρ (Κ)
ΑΥΡΑ (Πέραμα) Τραγουδάκι Βαρβάρα (Κ)
ΑΕΝΑ (Πέραμα) Το κατασφοιδάκι στις μεγάλες τρέλες του (Κ)
